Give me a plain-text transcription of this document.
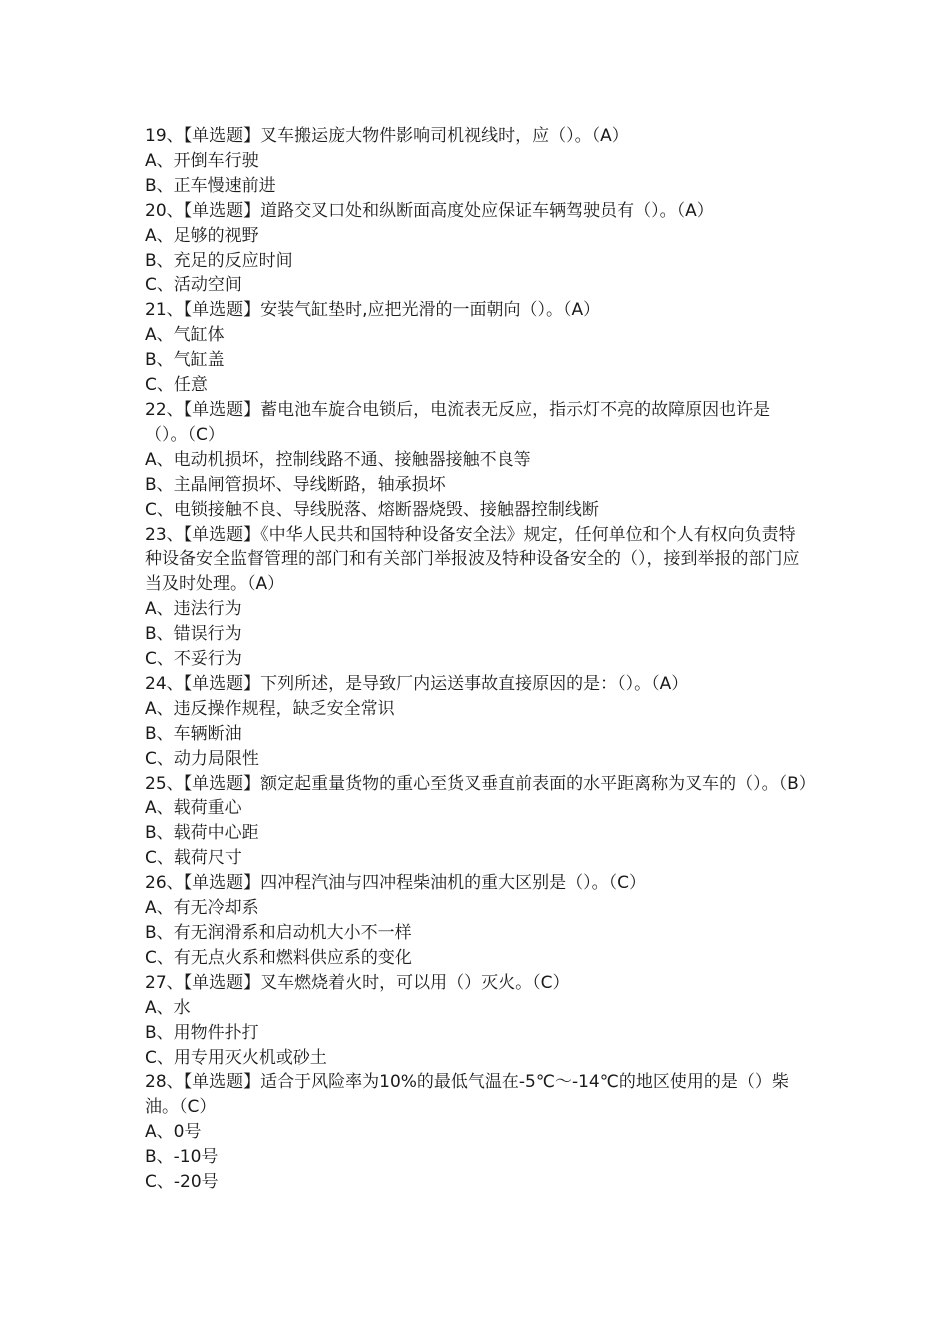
19、【单选题】叉车搬运庞大物件影响司机视线时，应（）。（A）

A、开倒车行驶

B、正车慢速前进

20、【单选题】道路交叉口处和纵断面高度处应保证车辆驾驶员有（）。（A）

A、足够的视野

B、充足的反应时间

C、活动空间

21、【单选题】安装气缸垫时,应把光滑的一面朝向（）。（A）

A、气缸体

B、气缸盖

C、任意

22、【单选题】蓄电池车旋合电锁后，电流表无反应，指示灯不亮的故障原因也许是（）。（C）

A、电动机损坏，控制线路不通、接触器接触不良等

B、主晶闸管损坏、导线断路，轴承损坏

C、电锁接触不良、导线脱落、熔断器烧毁、接触器控制线断

23、【单选题】《中华人民共和国特种设备安全法》规定，任何单位和个人有权向负责特种设备安全监督管理的部门和有关部门举报波及特种设备安全的（），接到举报的部门应当及时处理。（A）

A、违法行为

B、错误行为

C、不妥行为

24、【单选题】下列所述，是导致厂内运送事故直接原因的是：（）。（A）

A、违反操作规程，缺乏安全常识

B、车辆断油

C、动力局限性

25、【单选题】额定起重量货物的重心至货叉垂直前表面的水平距离称为叉车的（）。（B）

A、载荷重心

B、载荷中心距

C、载荷尺寸

26、【单选题】四冲程汽油与四冲程柴油机的重大区别是（）。（C）

A、有无冷却系

B、有无润滑系和启动机大小不一样

C、有无点火系和燃料供应系的变化

27、【单选题】叉车燃烧着火时，可以用（）灭火。（C）

A、水

B、用物件扑打

C、用专用灭火机或砂土

28、【单选题】适合于风险率为10%的最低气温在-5℃～-14℃的地区使用的是（）柴油。（C）

A、0号

B、-10号

C、-20号
